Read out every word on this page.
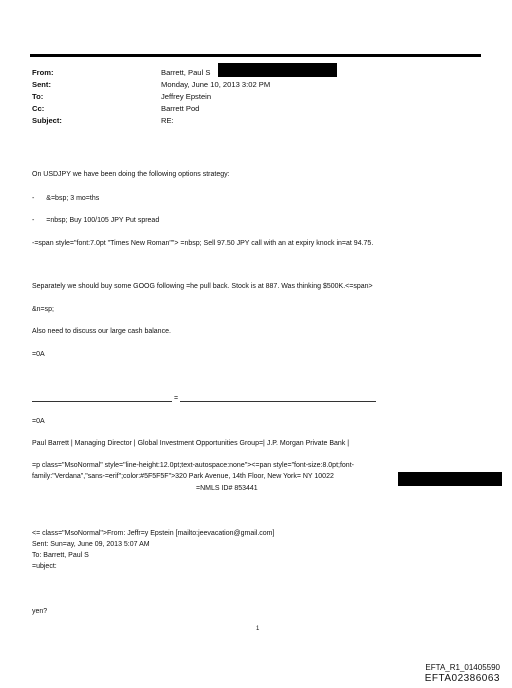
From:	Barrett, Paul S
Sent:	Monday, June 10, 2013 3:02 PM
To:	Jeffrey Epstein
Cc:	Barrett Pod
Subject:	RE:
On USDJPY we have been doing the following options strategy:
- &=bsp; 3 mo=ths
- =nbsp; Buy 100/105 JPY Put spread
-=span style="font:7.0pt "Times New Roman""> =nbsp; Sell 97.50 JPY call with an at expiry knock in=at 94.75.
Separately we should buy some GOOG following =he pull back. Stock is at 887. Was thinking $500K.<=span>
&n=sp;
Also need to discuss our large cash balance.
=0A
=
=0A
Paul Barrett | Managing Director | Global Investment Opportunities Group=| J.P. Morgan Private Bank |
=p class="MsoNormal" style="line-height:12.0pt;text-autospace:none"><=pan style="font-size:8.0pt;font-
family:"Verdana","sans-=erif";color:#5F5F5F">320 Park Avenue, 14th Floor, New York= NY 10022
=NMLS ID# 853441
<= class="MsoNormal">From: Jeffr=y Epstein [mailto:jeevacation@gmail.com]
Sent: Sun=ay, June 09, 2013 5:07 AM
To: Barrett, Paul S
=ubject:
yen?
1
EFTA_R1_01405590
EFTA02386063
